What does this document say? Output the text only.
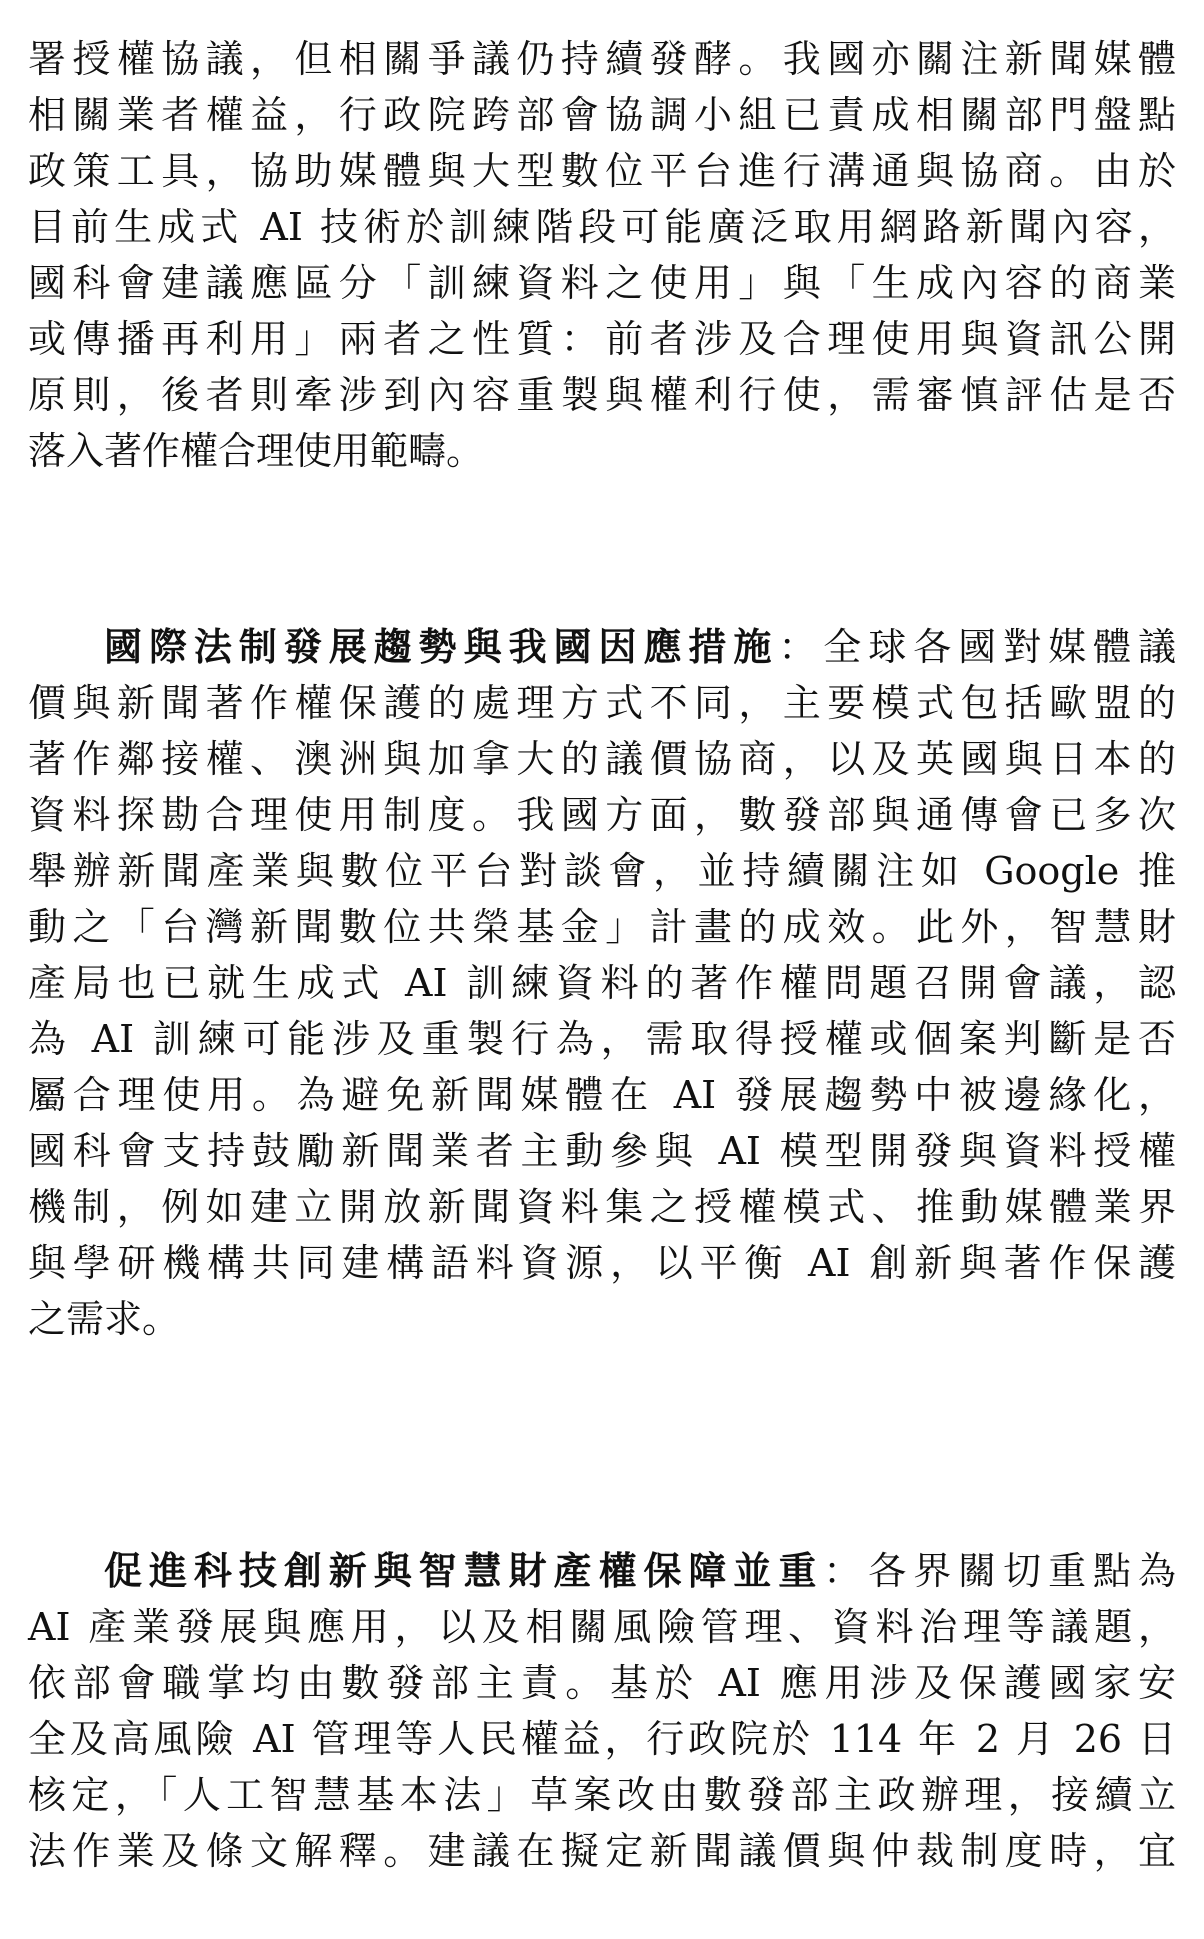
署授權協議，但相關爭議仍持續發酵。我國亦關注新聞媒體
相關業者權益，行政院跨部會協調小組已責成相關部門盤點
政策工具，協助媒體與大型數位平台進行溝通與協商。由於
目前生成式 AI 技術於訓練階段可能廣泛取用網路新聞內容，
國科會建議應區分「訓練資料之使用」與「生成內容的商業
或傳播再利用」兩者之性質：前者涉及合理使用與資訊公開
原則，後者則牽涉到內容重製與權利行使，需審慎評估是否
落入著作權合理使用範疇。
國際法制發展趨勢與我國因應措施：全球各國對媒體議
價與新聞著作權保護的處理方式不同，主要模式包括歐盟的
著作鄰接權、澳洲與加拿大的議價協商，以及英國與日本的
資料探勘合理使用制度。我國方面，數發部與通傳會已多次
舉辦新聞產業與數位平台對談會，並持續關注如 Google 推
動之「台灣新聞數位共榮基金」計畫的成效。此外，智慧財
產局也已就生成式 AI 訓練資料的著作權問題召開會議，認
為 AI 訓練可能涉及重製行為，需取得授權或個案判斷是否
屬合理使用。為避免新聞媒體在 AI 發展趨勢中被邊緣化，
國科會支持鼓勵新聞業者主動參與 AI 模型開發與資料授權
機制，例如建立開放新聞資料集之授權模式、推動媒體業界
與學研機構共同建構語料資源，以平衡 AI 創新與著作保護
之需求。
促進科技創新與智慧財產權保障並重：各界關切重點為
AI 產業發展與應用，以及相關風險管理、資料治理等議題，
依部會職掌均由數發部主責。基於 AI 應用涉及保護國家安
全及高風險 AI 管理等人民權益，行政院於 114 年 2 月 26 日
核定，「人工智慧基本法」草案改由數發部主政辦理，接續立
法作業及條文解釋。建議在擬定新聞議價與仲裁制度時，宜
